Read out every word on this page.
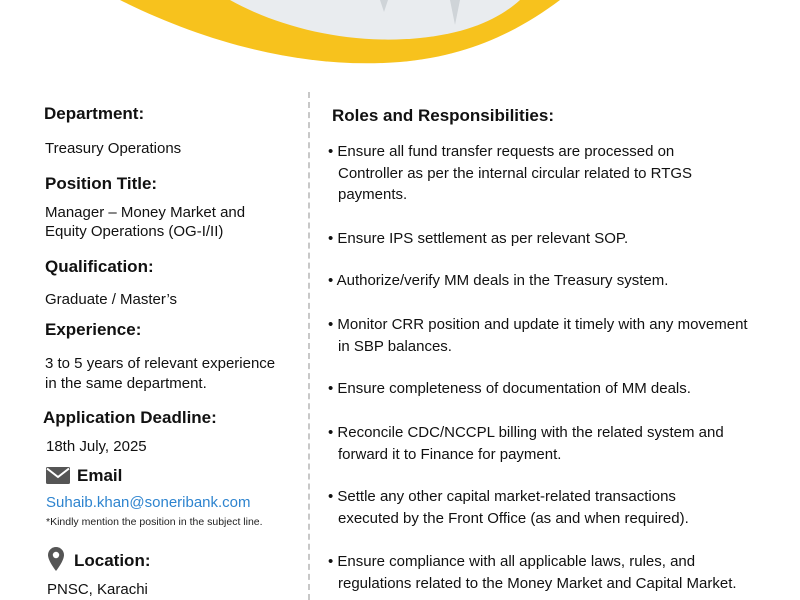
Department:
Treasury Operations
Position Title:
Manager – Money Market and
Equity Operations (OG-I/II)
Qualification:
Graduate / Master’s
Experience:
3 to 5 years of relevant experience
in the same department.
Application Deadline:
18th July, 2025
Email
Suhaib.khan@soneribank.com
*Kindly mention the position in the subject line.
Location:
PNSC, Karachi
Roles and Responsibilities:
• Ensure all fund transfer requests are processed on
Controller as per the internal circular related to RTGS
payments.
• Ensure IPS settlement as per relevant SOP.
• Authorize/verify MM deals in the Treasury system.
• Monitor CRR position and update it timely with any movement
in SBP balances.
• Ensure completeness of documentation of MM deals.
• Reconcile CDC/NCCPL billing with the related system and
forward it to Finance for payment.
• Settle any other capital market-related transactions
executed by the Front Office (as and when required).
• Ensure compliance with all applicable laws, rules, and
regulations related to the Money Market and Capital Market.
